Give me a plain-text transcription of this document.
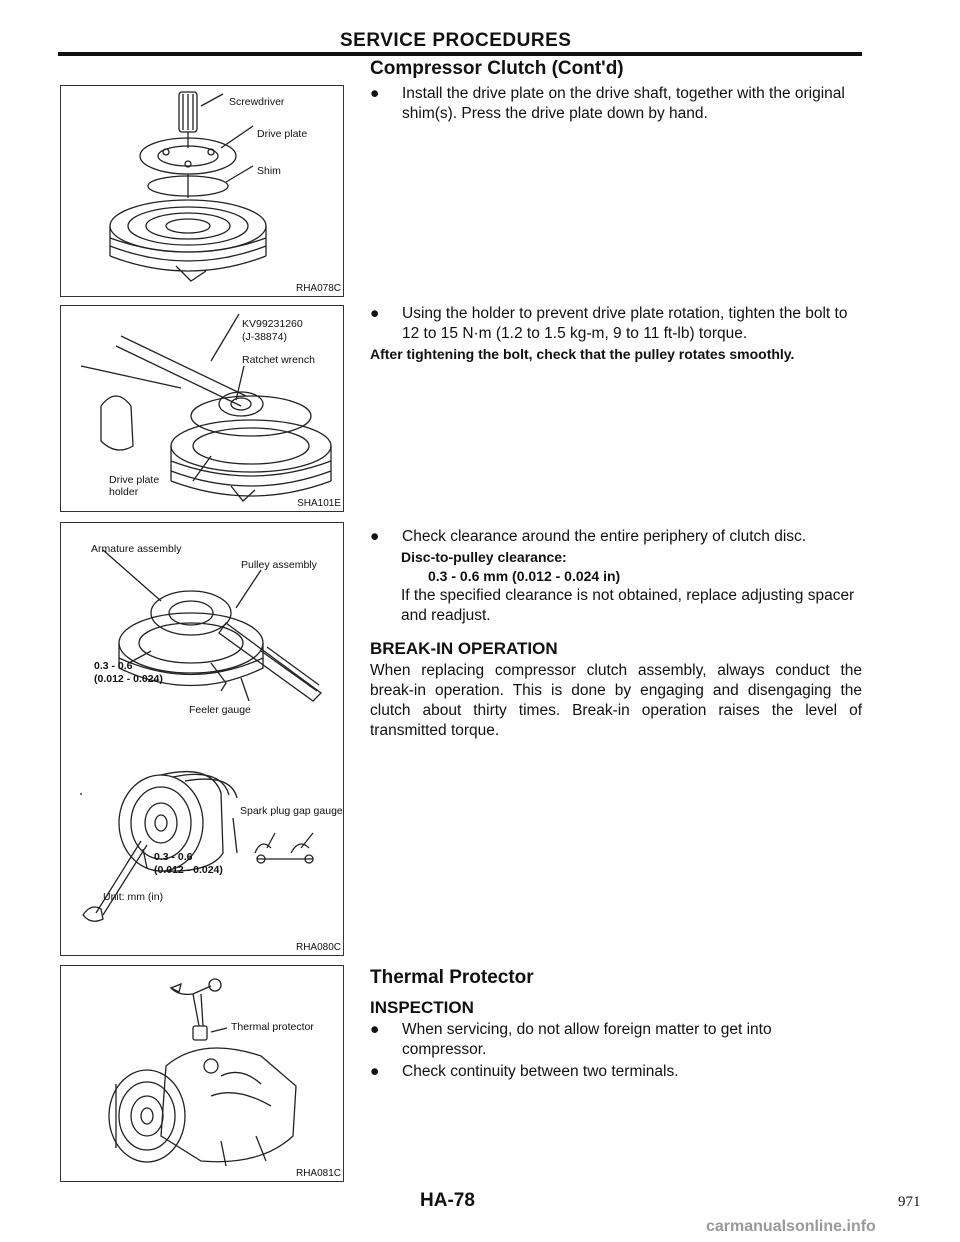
SERVICE PROCEDURES
Screwdriver
Drive plate
Shim
RHA078C
KV99231260
(J-38874)
Ratchet wrench
Drive plate
holder
SHA101E
Armature assembly
Pulley assembly
0.3 - 0.6
(0.012 - 0.024)
Feeler gauge
Spark plug gap gauge
0.3 - 0.6
(0.012 - 0.024)
Unit: mm (in)
RHA080C
Thermal protector
RHA081C
Compressor Clutch (Cont'd)
●	Install the drive plate on the drive shaft, together with the original shim(s). Press the drive plate down by hand.
●	Using the holder to prevent drive plate rotation, tighten the bolt to 12 to 15 N·m (1.2 to 1.5 kg-m, 9 to 11 ft-lb) torque.
After tightening the bolt, check that the pulley rotates smoothly.
●	Check clearance around the entire periphery of clutch disc.
Disc-to-pulley clearance:
0.3 - 0.6 mm (0.012 - 0.024 in)
If the specified clearance is not obtained, replace adjusting spacer and readjust.
BREAK-IN OPERATION
When replacing compressor clutch assembly, always conduct the break-in operation. This is done by engaging and disengaging the clutch about thirty times. Break-in operation raises the level of transmitted torque.
Thermal Protector
INSPECTION
●	When servicing, do not allow foreign matter to get into compressor.
●	Check continuity between two terminals.
HA-78	971
carmanualsonline.info
